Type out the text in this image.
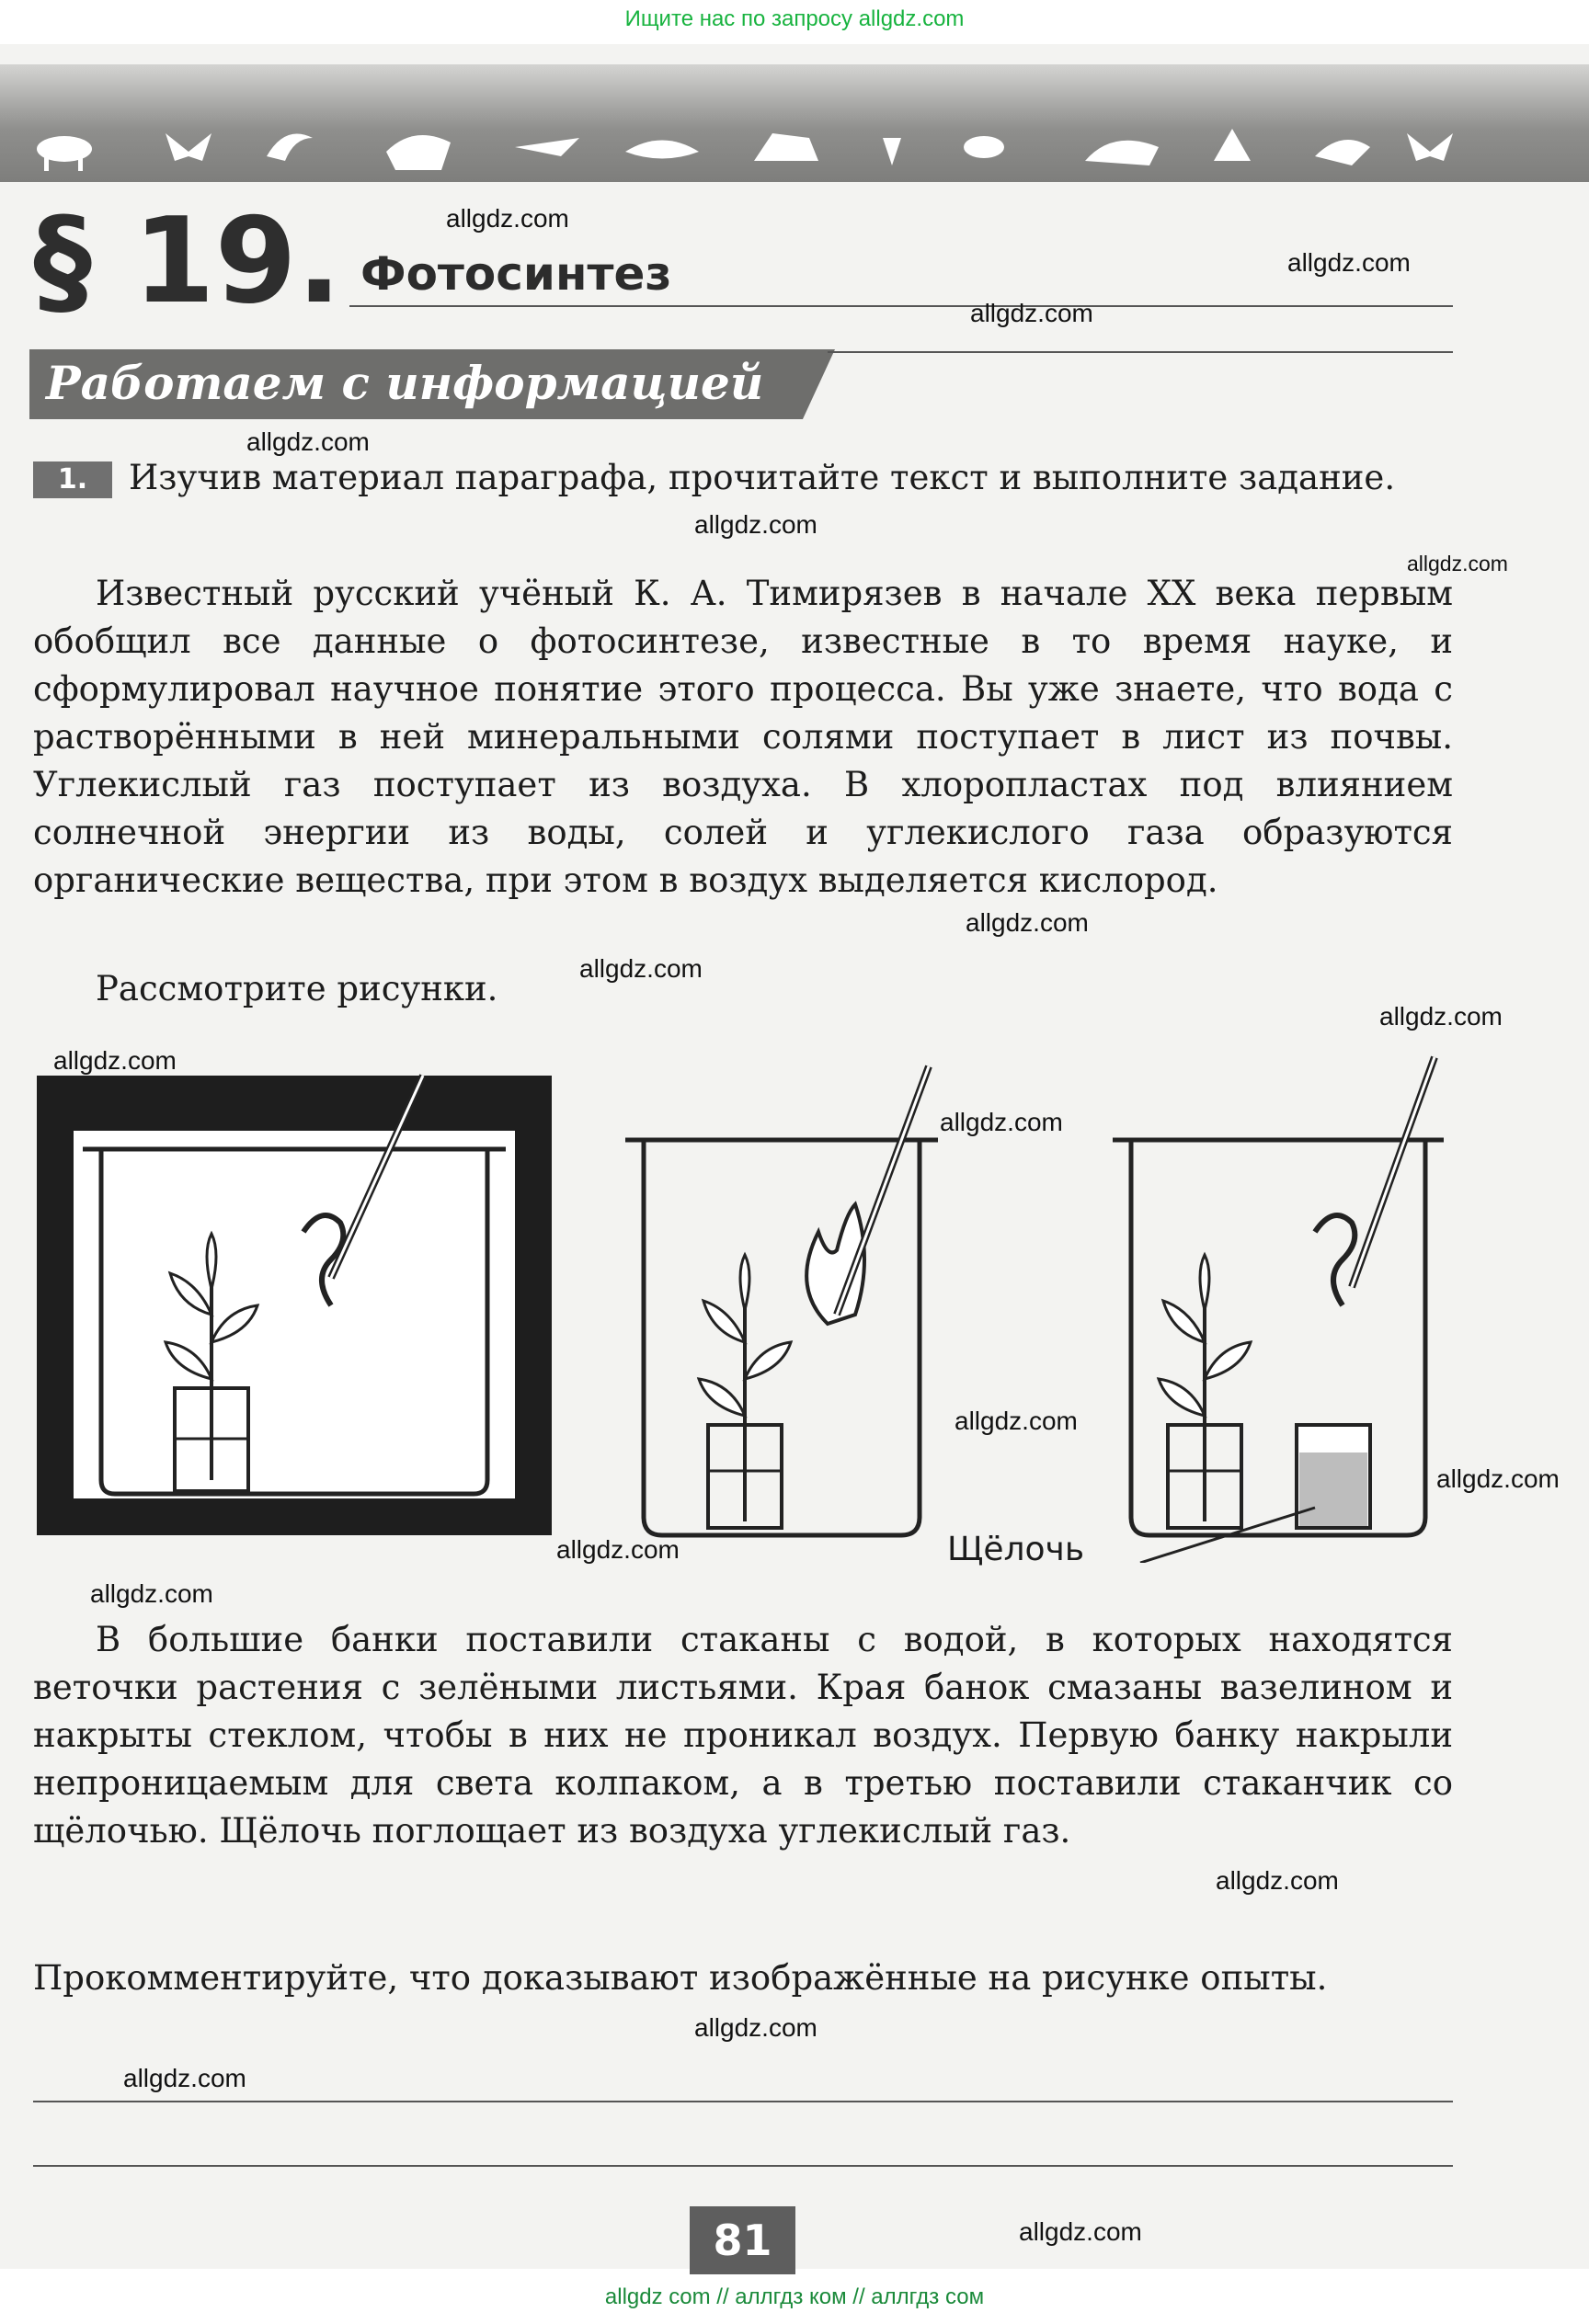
Ищите нас по запросу allgdz.com
§ 19. Фотосинтез
Работаем с информацией
1.	Изучив материал параграфа, прочитайте текст и выполните задание.
Известный русский учёный К. А. Тимирязев в начале XX века первым обобщил все данные о фотосинтезе, известные в то время науке, и сформулировал научное понятие этого процесса. Вы уже знаете, что вода с растворёнными в ней минеральными солями поступает в лист из почвы. Углекислый газ поступает из воздуха. В хлоропластах под влиянием солнечной энергии из воды, солей и углекислого газа образуются органические вещества, при этом в воздух выделяется кислород.
Рассмотрите рисунки.
Щёлочь
В большие банки поставили стаканы с водой, в которых находятся веточки растения с зелёными листьями. Края банок смазаны вазелином и накрыты стеклом, чтобы в них не проникал воздух. Первую банку накрыли непроницаемым для света колпаком, а в третью поставили стаканчик со щёлочью. Щёлочь поглощает из воздуха углекислый газ.
Прокомментируйте, что доказывают изображённые на рисунке опыты.
81
allgdz.com
allgdz.com
allgdz.com
allgdz.com
allgdz.com
allgdz.com
allgdz.com
allgdz.com
allgdz.com
allgdz.com
allgdz.com
allgdz.com
allgdz.com
allgdz.com
allgdz.com
allgdz.com
allgdz.com
allgdz.com
allgdz.com
allgdz com // аллгдз ком // аллгдз сом
